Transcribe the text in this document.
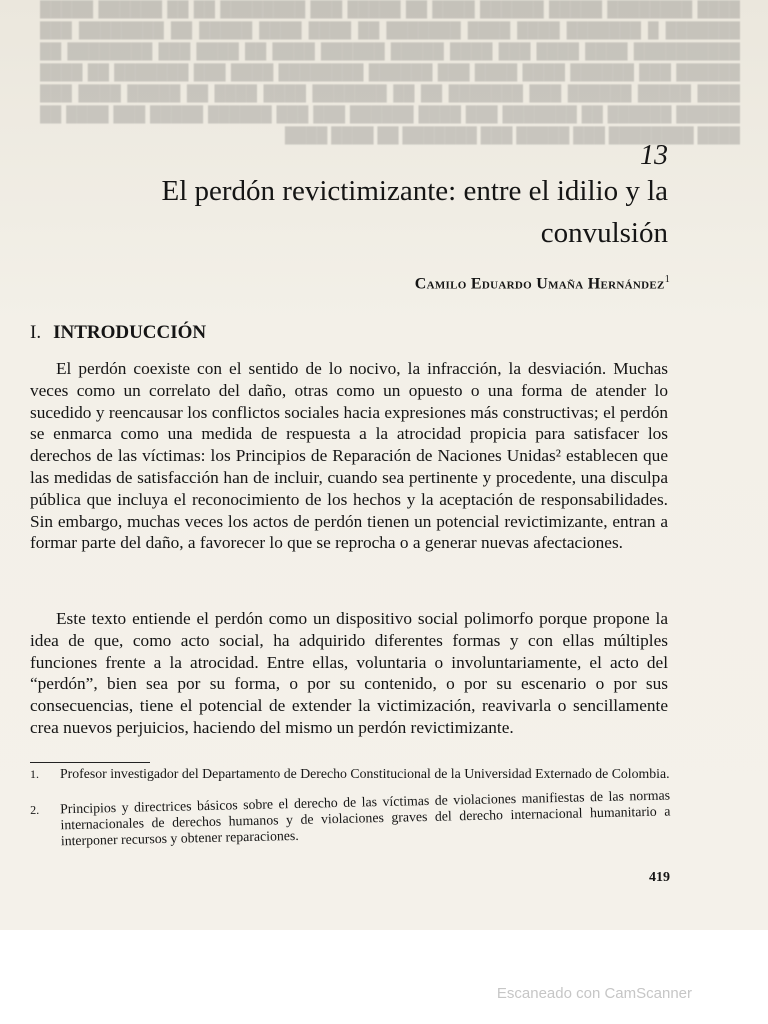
████ ████████ █████ ██████ ████ ██ █████ ███ ████████ ██ ██ ██████ █████ ███████ █ ███████ ████ ████ ███████ ██ ████ ████ █████ ██ ████████ ███ ██████████ ████ ████ ███ ████ █████ ██████ ████ ██ ████ ███ ████████ ██ ██████ ███ ██████ ████ ████ ███ ██████ ████████ ████ ███ ███████ ██ ████ ████ █████ ██████ ███ ███████ ██ ██ ███████ ████ ████ ██ █████ ████ ███ ██████ ██████ ██ ███████ ███ ████ ██████ ███ ███ ██████ █████ ███ ████ ██ ████ ████████ ███ █████ ███ ███████ ██ ████ ████
13
El perdón revictimizante: entre el idilio y la convulsión
Camilo Eduardo Umaña Hernández$^1$
I. INTRODUCCIÓN
El perdón coexiste con el sentido de lo nocivo, la infracción, la desviación. Muchas veces como un correlato del daño, otras como un opuesto o una forma de atender lo sucedido y reencausar los conflictos sociales hacia expresiones más constructivas; el perdón se enmarca como una medida de respuesta a la atrocidad propicia para satisfacer los derechos de las víctimas: los Principios de Reparación de Naciones Unidas² establecen que las medidas de satisfacción han de incluir, cuando sea pertinente y procedente, una disculpa pública que incluya el reconocimiento de los hechos y la aceptación de responsabilidades. Sin embargo, muchas veces los actos de perdón tienen un potencial revictimizante, entran a formar parte del daño, a favorecer lo que se reprocha o a generar nuevas afectaciones.
Este texto entiende el perdón como un dispositivo social polimorfo porque propone la idea de que, como acto social, ha adquirido diferentes formas y con ellas múltiples funciones frente a la atrocidad. Entre ellas, voluntaria o involuntariamente, el acto del “perdón”, bien sea por su forma, o por su contenido, o por su escenario o por sus consecuencias, tiene el potencial de extender la victimización, reavivarla o sencillamente crea nuevos perjuicios, haciendo del mismo un perdón revictimizante.
1. Profesor investigador del Departamento de Derecho Constitucional de la Universidad Externado de Colombia.
2. Principios y directrices básicos sobre el derecho de las víctimas de violaciones manifiestas de las normas internacionales de derechos humanos y de violaciones graves del derecho internacional humanitario a interponer recursos y obtener reparaciones.
419
Escaneado con CamScanner
